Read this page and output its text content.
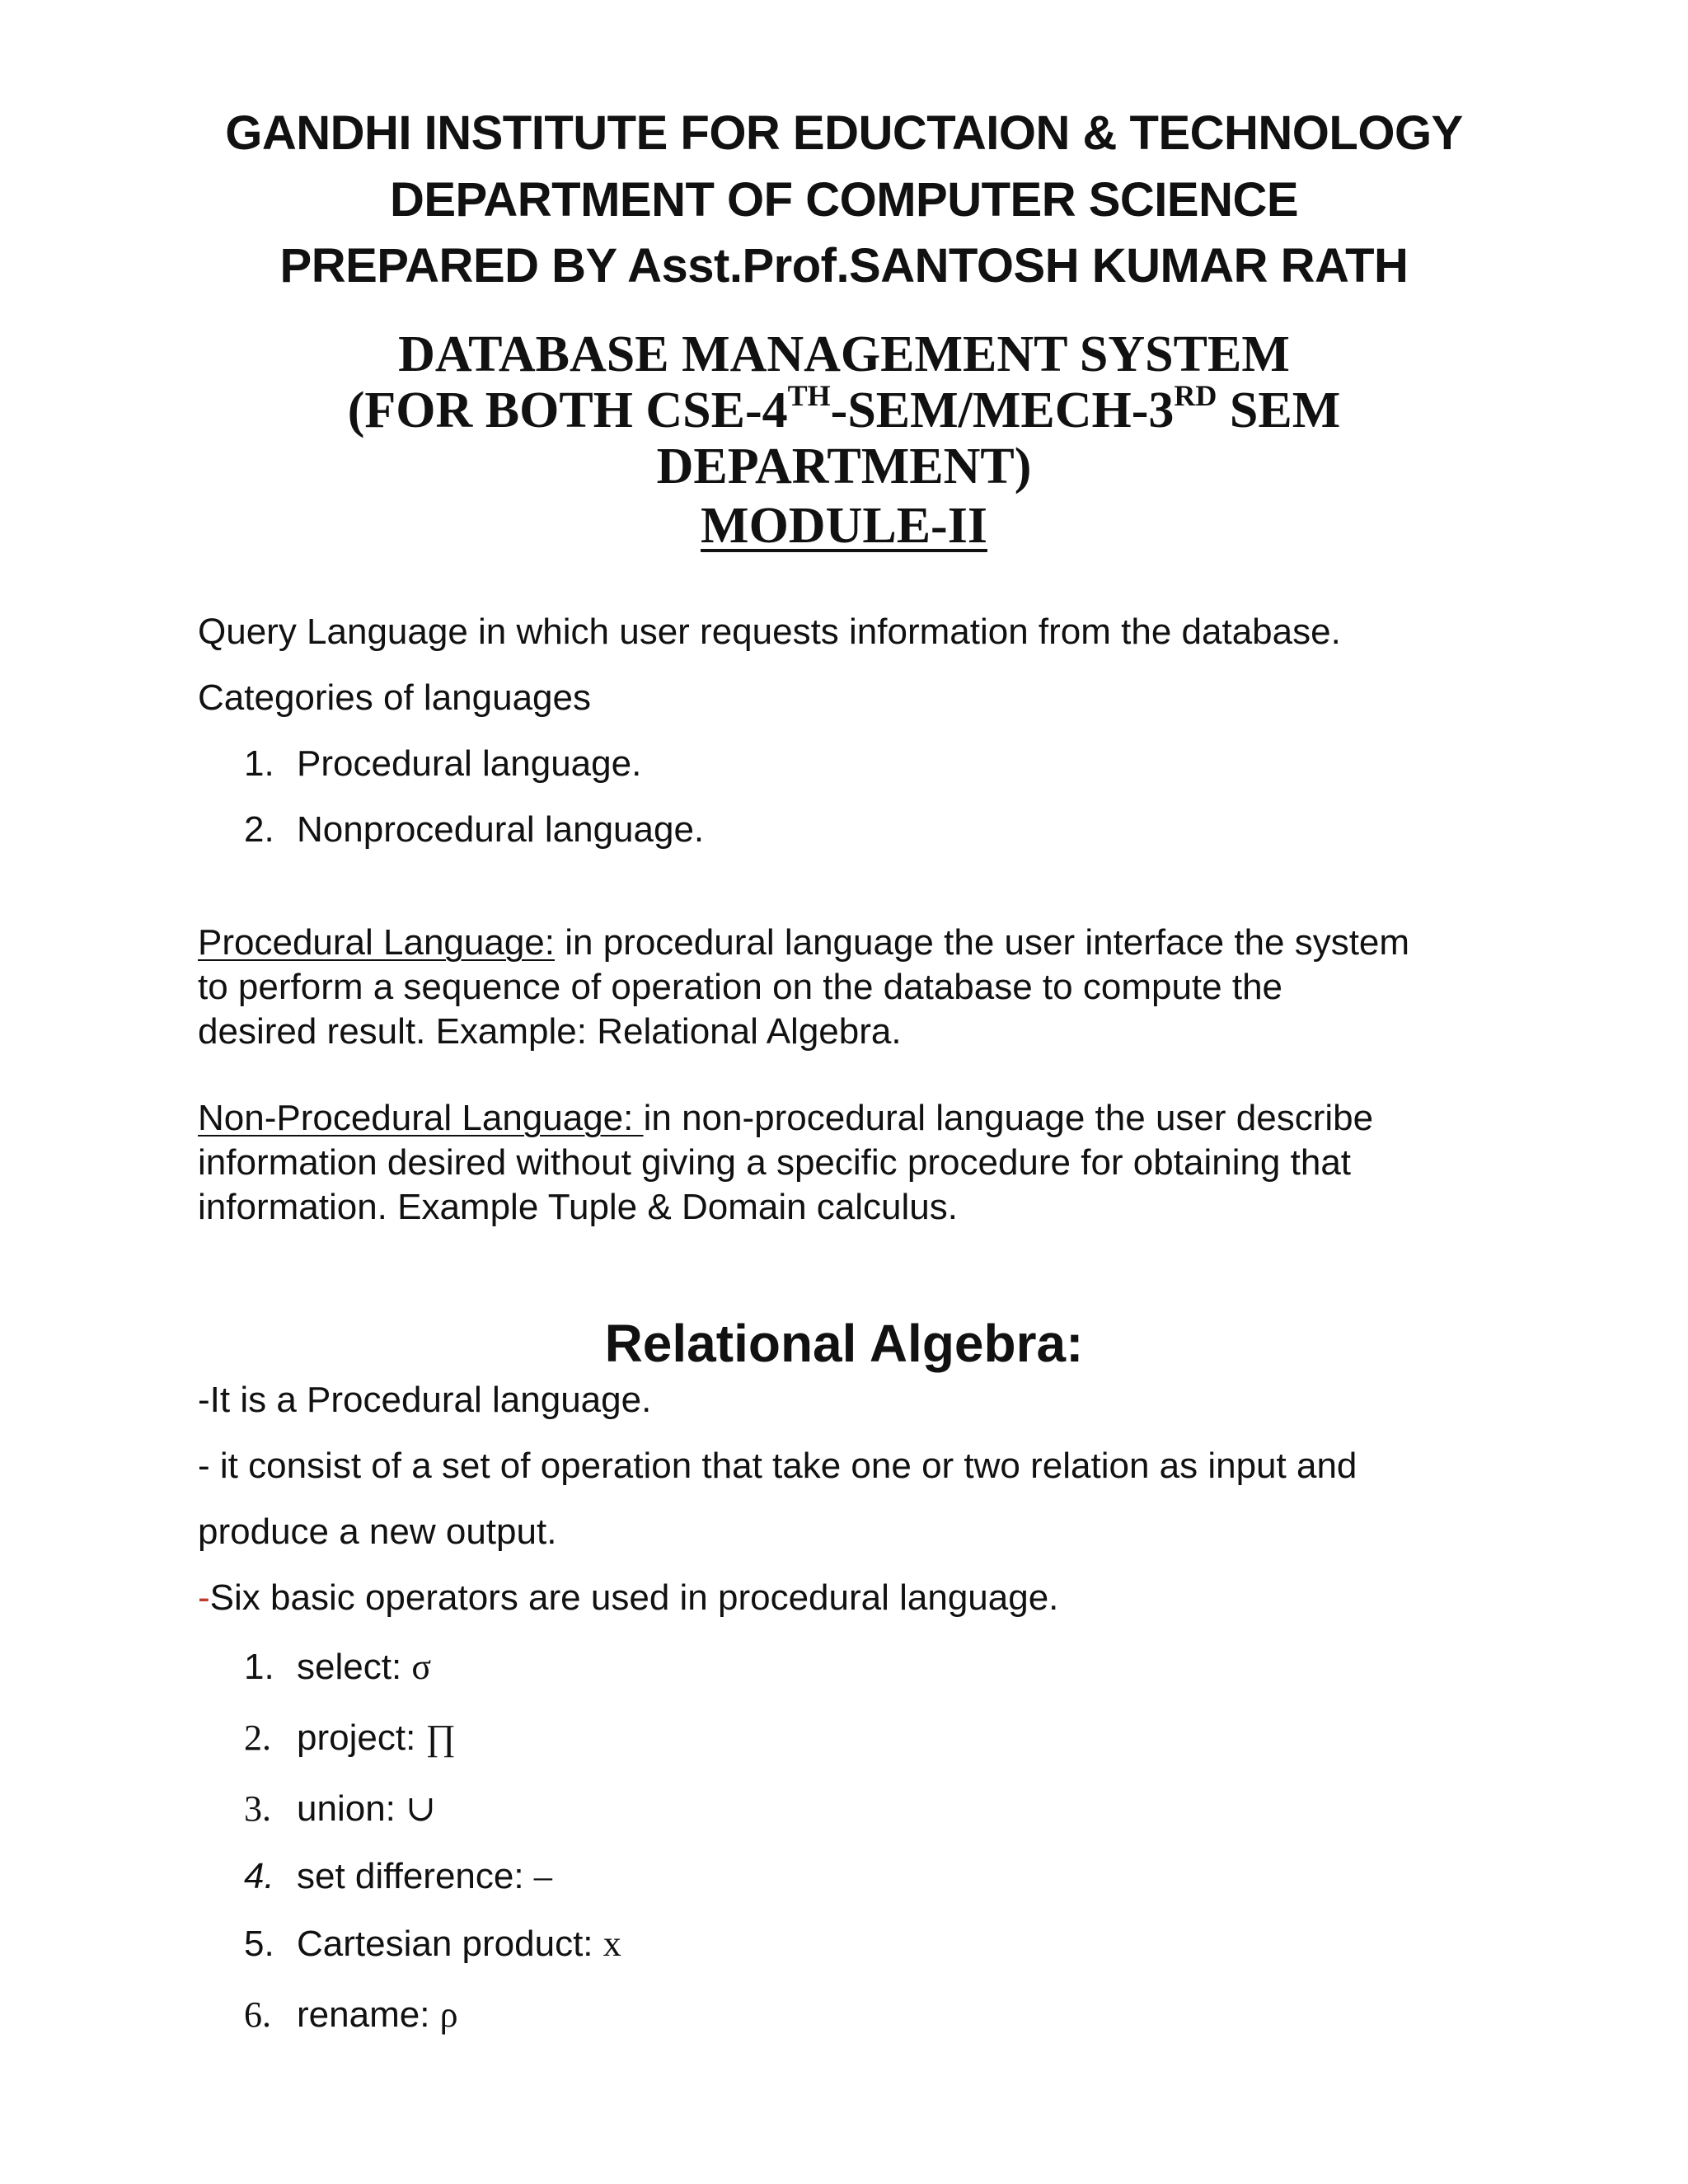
GANDHI INSTITUTE FOR EDUCTAION & TECHNOLOGY
DEPARTMENT OF COMPUTER SCIENCE
PREPARED BY Asst.Prof.SANTOSH KUMAR RATH
DATABASE MANAGEMENT SYSTEM
(FOR BOTH CSE-4TH-SEM/MECH-3RD SEM
DEPARTMENT)
MODULE-II
Query Language in which user requests information from the database.
Categories of languages
1. Procedural language.
2. Nonprocedural language.
Procedural Language: in procedural language the user interface the system
to perform a sequence of operation on the database to compute the
desired result. Example: Relational Algebra.
Non-Procedural Language: in non-procedural language the user describe
information desired without giving a specific procedure for obtaining that
information. Example Tuple & Domain calculus.
Relational Algebra:
-It is a Procedural language.
- it consist of a set of operation that take one or two relation as input and
produce a new output.
-Six basic operators are used in procedural language.
1. select: σ
2. project: ∏
3. union: ∪
4. set difference: –
5. Cartesian product: x
6. rename: ρ
